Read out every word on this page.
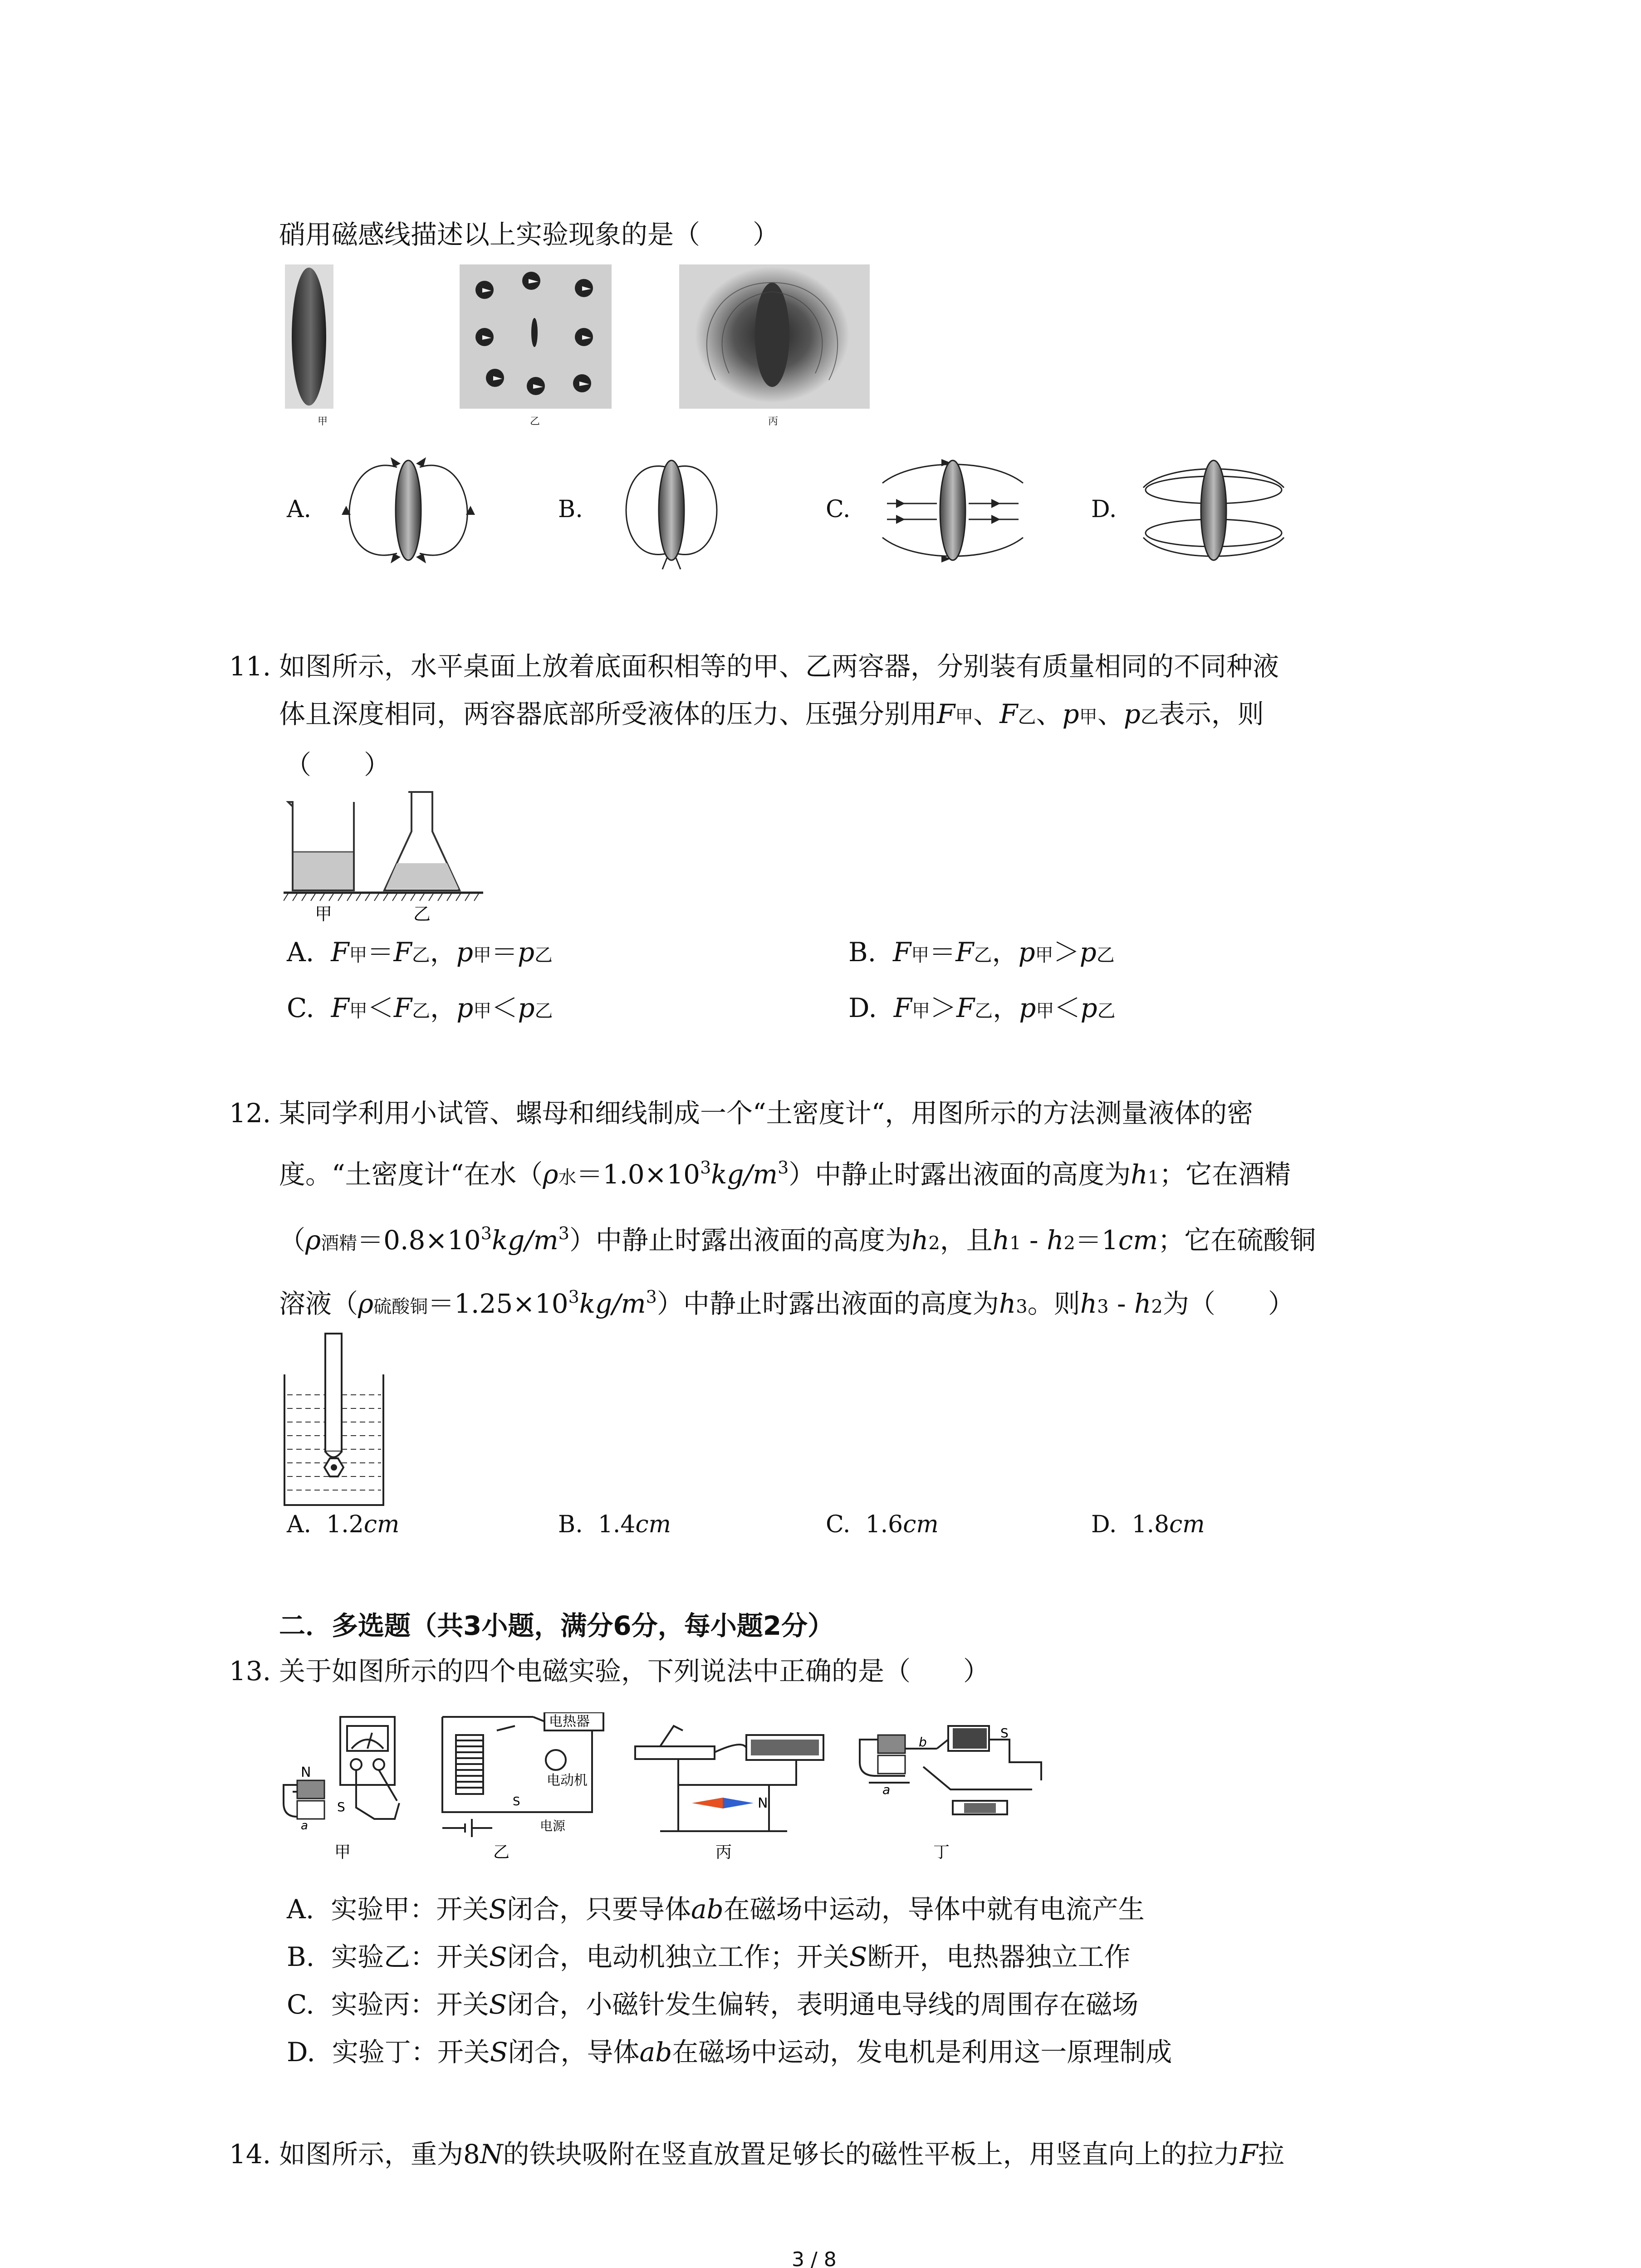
硝用磁感线描述以上实验现象的是（　　）
甲	乙	丙
A.	B.	C.	D.
11. 如图所示，水平桌面上放着底面积相等的甲、乙两容器，分别装有质量相同的不同种液
体且深度相同，两容器底部所受液体的压力、压强分别用F甲、F乙、p甲、p乙表示，则
（　　）
甲	乙
A. F甲＝F乙，p甲＝p乙	B. F甲＝F乙，p甲＞p乙
C. F甲＜F乙，p甲＜p乙	D. F甲＞F乙，p甲＜p乙
12. 某同学利用小试管、螺母和细线制成一个“土密度计“，用图所示的方法测量液体的密
度。“土密度计“在水（ρ水$=1.0\times 10^3kg/m^3$）中静止时露出液面的高度为h1；它在酒精
（ρ酒精$=0.8\times 10^3kg/m^3$）中静止时露出液面的高度为h2，且h1 - h2＝1cm；它在硫酸铜
溶液（ρ硫酸铜$=1.25\times 10^3kg/m^3$）中静止时露出液面的高度为h3。则h3 - h2为（　　）
A. 1.2cm	B. 1.4cm	C. 1.6cm	D. 1.8cm
二．多选题（共3小题，满分6分，每小题2分）
13. 关于如图所示的四个电磁实验，下列说法中正确的是（　　）
N
S
a
甲
电热器
电动机
电源
S
乙
N
丙
S
b
a
丁
A. 实验甲：开关S闭合，只要导体ab在磁场中运动，导体中就有电流产生
B. 实验乙：开关S闭合，电动机独立工作；开关S断开，电热器独立工作
C. 实验丙：开关S闭合，小磁针发生偏转，表明通电导线的周围存在磁场
D. 实验丁：开关S闭合，导体ab在磁场中运动，发电机是利用这一原理制成
14. 如图所示，重为8N的铁块吸附在竖直放置足够长的磁性平板上，用竖直向上的拉力F拉
3 / 8
